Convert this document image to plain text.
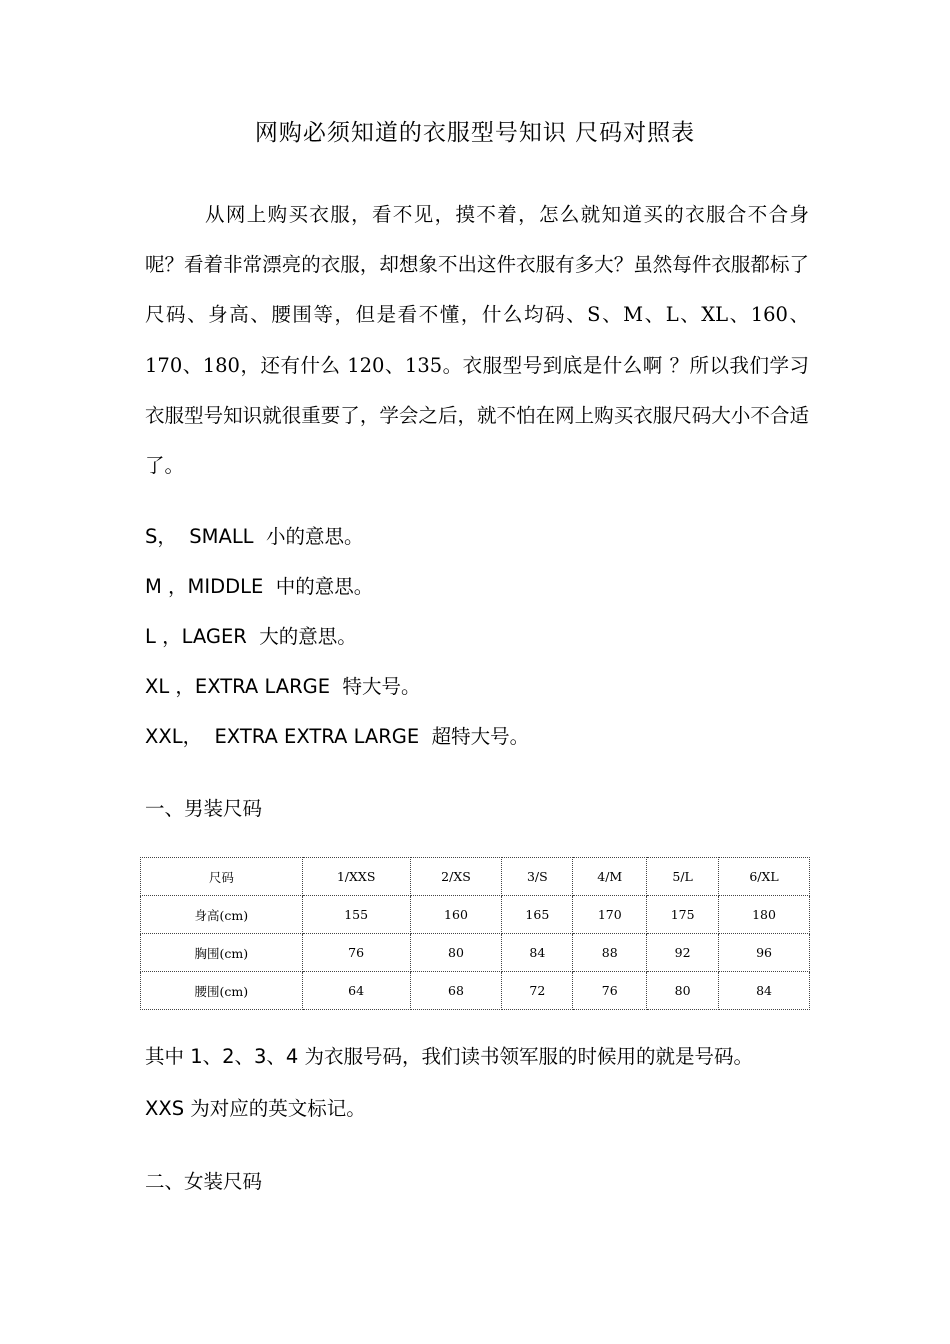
网购必须知道的衣服型号知识 尺码对照表
从网上购买衣服，看不见，摸不着，怎么就知道买的衣服合不合身呢？看着非常漂亮的衣服，却想象不出这件衣服有多大？虽然每件衣服都标了尺码、身高、腰围等，但是看不懂，什么均码、S、M、L、XL、160、170、180，还有什么 120、135。衣服型号到底是什么啊 ？所以我们学习衣服型号知识就很重要了，学会之后，就不怕在网上购买衣服尺码大小不合适了。
S，  SMALL  小的意思。
M ，MIDDLE  中的意思。
L ，LAGER  大的意思。
XL ，EXTRA LARGE  特大号。
XXL，  EXTRA EXTRA LARGE  超特大号。
一、男装尺码
尺码	1/XXS	2/XS	3/S	4/M	5/L	6/XL
身高(cm)	155	160	165	170	175	180
胸围(cm)	76	80	84	88	92	96
腰围(cm)	64	68	72	76	80	84
其中 1、2、3、4 为衣服号码，我们读书领军服的时候用的就是号码。
XXS 为对应的英文标记。
二、女装尺码
